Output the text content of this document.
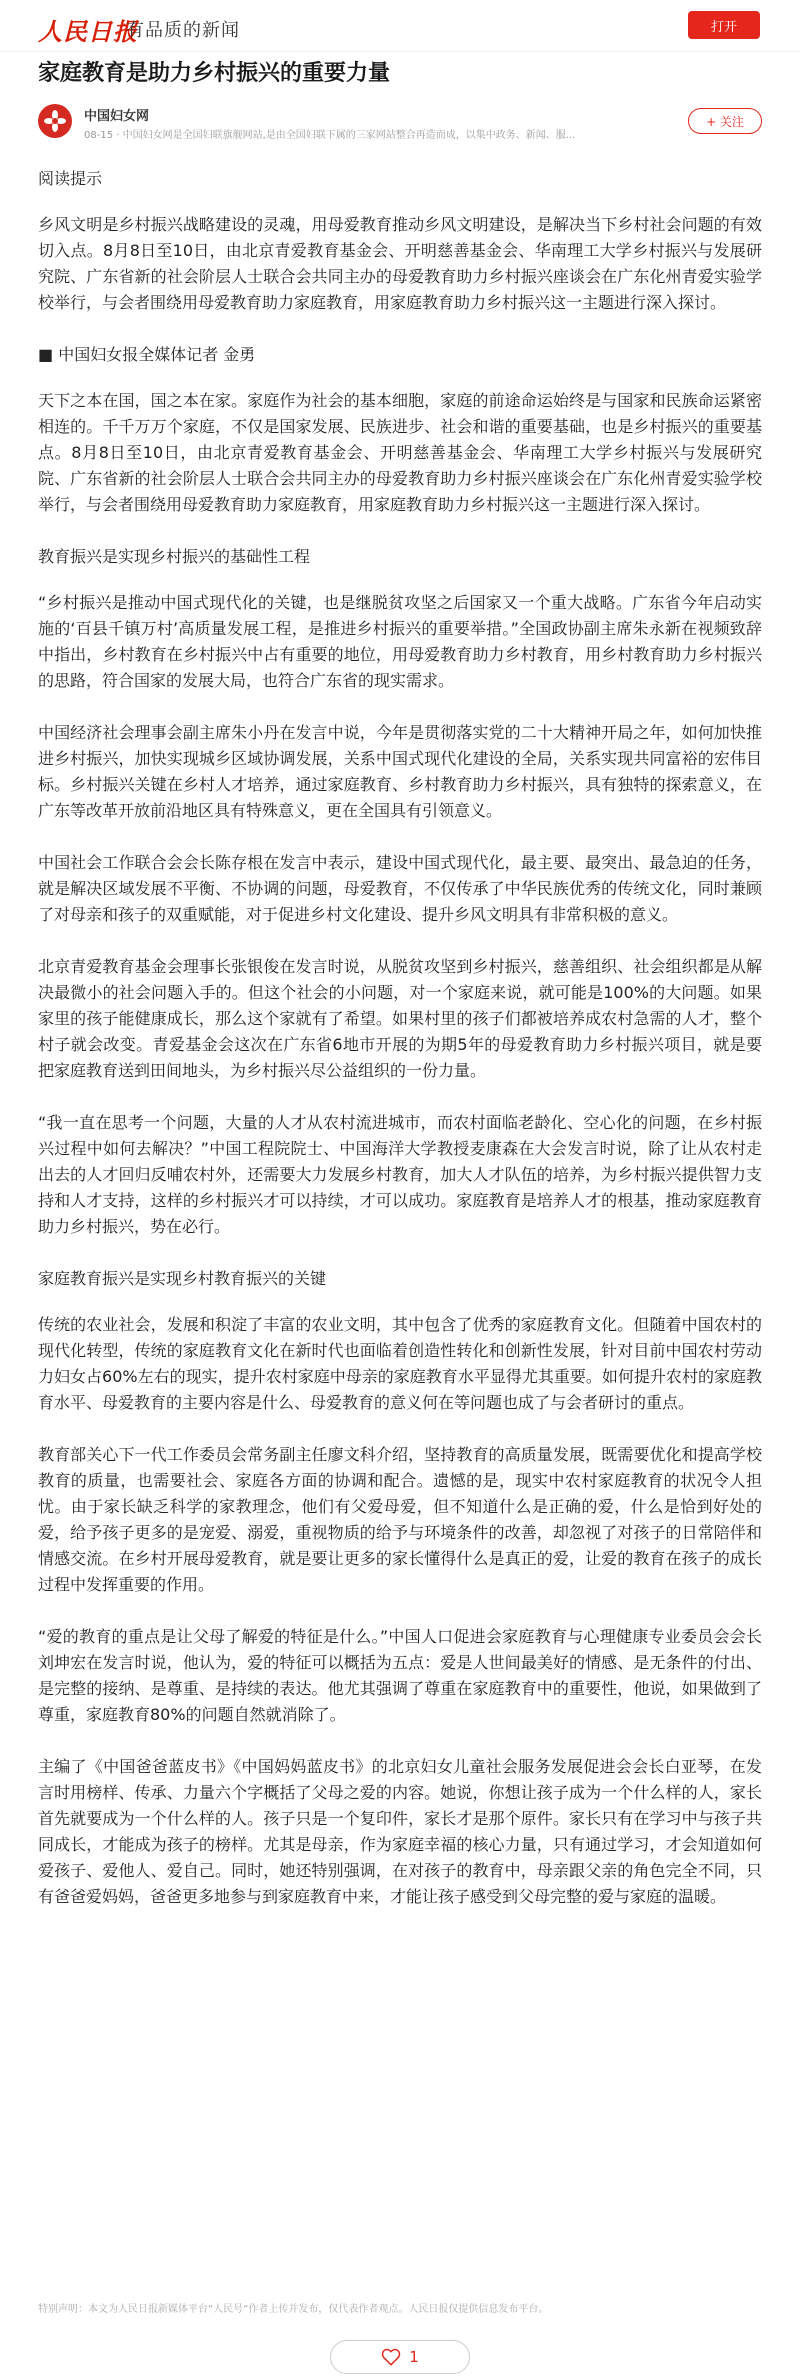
人民日报
有品质的新闻	打开
家庭教育是助力乡村振兴的重要力量
中国妇女网
08-15 · 中国妇女网是全国妇联旗舰网站,是由全国妇联下属的三家网站整合再造而成，以集中政务、新闻、服...
+ 关注

阅读提示

乡风文明是乡村振兴战略建设的灵魂，用母爱教育推动乡风文明建设，是解决当下乡村社会问题的有效切入点。8月8日至10日，由北京青爱教育基金会、开明慈善基金会、华南理工大学乡村振兴与发展研究院、广东省新的社会阶层人士联合会共同主办的母爱教育助力乡村振兴座谈会在广东化州青爱实验学校举行，与会者围绕用母爱教育助力家庭教育，用家庭教育助力乡村振兴这一主题进行深入探讨。

■ 中国妇女报全媒体记者 金勇

天下之本在国，国之本在家。家庭作为社会的基本细胞，家庭的前途命运始终是与国家和民族命运紧密相连的。千千万万个家庭，不仅是国家发展、民族进步、社会和谐的重要基础，也是乡村振兴的重要基点。8月8日至10日，由北京青爱教育基金会、开明慈善基金会、华南理工大学乡村振兴与发展研究院、广东省新的社会阶层人士联合会共同主办的母爱教育助力乡村振兴座谈会在广东化州青爱实验学校举行，与会者围绕用母爱教育助力家庭教育，用家庭教育助力乡村振兴这一主题进行深入探讨。

教育振兴是实现乡村振兴的基础性工程

“乡村振兴是推动中国式现代化的关键，也是继脱贫攻坚之后国家又一个重大战略。广东省今年启动实施的‘百县千镇万村’高质量发展工程，是推进乡村振兴的重要举措。”全国政协副主席朱永新在视频致辞中指出，乡村教育在乡村振兴中占有重要的地位，用母爱教育助力乡村教育，用乡村教育助力乡村振兴的思路，符合国家的发展大局，也符合广东省的现实需求。

中国经济社会理事会副主席朱小丹在发言中说，今年是贯彻落实党的二十大精神开局之年，如何加快推进乡村振兴，加快实现城乡区域协调发展，关系中国式现代化建设的全局，关系实现共同富裕的宏伟目标。乡村振兴关键在乡村人才培养，通过家庭教育、乡村教育助力乡村振兴，具有独特的探索意义，在广东等改革开放前沿地区具有特殊意义，更在全国具有引领意义。

中国社会工作联合会会长陈存根在发言中表示，建设中国式现代化，最主要、最突出、最急迫的任务，就是解决区域发展不平衡、不协调的问题，母爱教育，不仅传承了中华民族优秀的传统文化，同时兼顾了对母亲和孩子的双重赋能，对于促进乡村文化建设、提升乡风文明具有非常积极的意义。

北京青爱教育基金会理事长张银俊在发言时说，从脱贫攻坚到乡村振兴，慈善组织、社会组织都是从解决最微小的社会问题入手的。但这个社会的小问题，对一个家庭来说，就可能是100%的大问题。如果家里的孩子能健康成长，那么这个家就有了希望。如果村里的孩子们都被培养成农村急需的人才，整个村子就会改变。青爱基金会这次在广东省6地市开展的为期5年的母爱教育助力乡村振兴项目，就是要把家庭教育送到田间地头，为乡村振兴尽公益组织的一份力量。

“我一直在思考一个问题，大量的人才从农村流进城市，而农村面临老龄化、空心化的问题，在乡村振兴过程中如何去解决？”中国工程院院士、中国海洋大学教授麦康森在大会发言时说，除了让从农村走出去的人才回归反哺农村外，还需要大力发展乡村教育，加大人才队伍的培养，为乡村振兴提供智力支持和人才支持，这样的乡村振兴才可以持续，才可以成功。家庭教育是培养人才的根基，推动家庭教育助力乡村振兴，势在必行。

家庭教育振兴是实现乡村教育振兴的关键

传统的农业社会，发展和积淀了丰富的农业文明，其中包含了优秀的家庭教育文化。但随着中国农村的现代化转型，传统的家庭教育文化在新时代也面临着创造性转化和创新性发展，针对目前中国农村劳动力妇女占60%左右的现实，提升农村家庭中母亲的家庭教育水平显得尤其重要。如何提升农村的家庭教育水平、母爱教育的主要内容是什么、母爱教育的意义何在等问题也成了与会者研讨的重点。

教育部关心下一代工作委员会常务副主任廖文科介绍，坚持教育的高质量发展，既需要优化和提高学校教育的质量，也需要社会、家庭各方面的协调和配合。遗憾的是，现实中农村家庭教育的状况令人担忧。由于家长缺乏科学的家教理念，他们有父爱母爱，但不知道什么是正确的爱，什么是恰到好处的爱，给予孩子更多的是宠爱、溺爱，重视物质的给予与环境条件的改善，却忽视了对孩子的日常陪伴和情感交流。在乡村开展母爱教育，就是要让更多的家长懂得什么是真正的爱，让爱的教育在孩子的成长过程中发挥重要的作用。

“爱的教育的重点是让父母了解爱的特征是什么。”中国人口促进会家庭教育与心理健康专业委员会会长刘坤宏在发言时说，他认为，爱的特征可以概括为五点：爱是人世间最美好的情感、是无条件的付出、是完整的接纳、是尊重、是持续的表达。他尤其强调了尊重在家庭教育中的重要性，他说，如果做到了尊重，家庭教育80%的问题自然就消除了。

主编了《中国爸爸蓝皮书》《中国妈妈蓝皮书》的北京妇女儿童社会服务发展促进会会长白亚琴，在发言时用榜样、传承、力量六个字概括了父母之爱的内容。她说，你想让孩子成为一个什么样的人，家长首先就要成为一个什么样的人。孩子只是一个复印件，家长才是那个原件。家长只有在学习中与孩子共同成长，才能成为孩子的榜样。尤其是母亲，作为家庭幸福的核心力量，只有通过学习，才会知道如何爱孩子、爱他人、爱自己。同时，她还特别强调，在对孩子的教育中，母亲跟父亲的角色完全不同，只有爸爸爱妈妈，爸爸更多地参与到家庭教育中来，才能让孩子感受到父母完整的爱与家庭的温暖。

特别声明：本文为人民日报新媒体平台“人民号”作者上传并发布，仅代表作者观点。人民日报仅提供信息发布平台。
1
